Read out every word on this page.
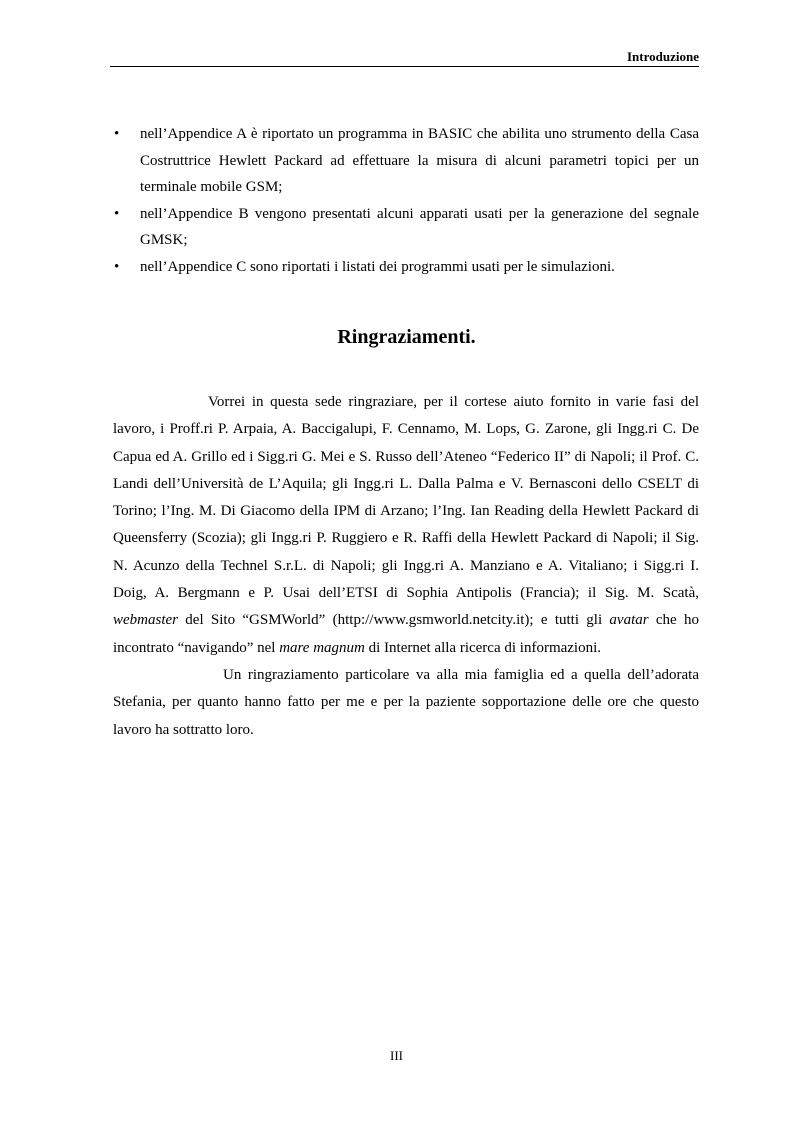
Introduzione
• nell’Appendice A è riportato un programma in BASIC che abilita uno strumento della Casa Costruttrice Hewlett Packard ad effettuare la misura di alcuni parametri topici per un terminale mobile GSM;
• nell’Appendice B vengono presentati alcuni apparati usati per la generazione del segnale GMSK;
• nell’Appendice C sono riportati i listati dei programmi usati per le simulazioni.
Ringraziamenti.

Vorrei in questa sede ringraziare, per il cortese aiuto fornito in varie fasi del lavoro, i Proff.ri P. Arpaia, A. Baccigalupi, F. Cennamo, M. Lops, G. Zarone, gli Ingg.ri C. De Capua ed A. Grillo ed i Sigg.ri G. Mei e S. Russo dell’Ateneo “Federico II” di Napoli; il Prof. C. Landi dell’Università de L’Aquila; gli Ingg.ri L. Dalla Palma e V. Bernasconi dello CSELT di Torino; l’Ing. M. Di Giacomo della IPM di Arzano; l’Ing. Ian Reading della Hewlett Packard di Queensferry (Scozia); gli Ingg.ri P. Ruggiero e R. Raffi della Hewlett Packard di Napoli; il Sig. N. Acunzo della Technel S.r.L. di Napoli; gli Ingg.ri A. Manziano e A. Vitaliano; i Sigg.ri I. Doig, A. Bergmann e P. Usai dell’ETSI di Sophia Antipolis (Francia); il Sig. M. Scatà, webmaster del Sito “GSMWorld” (http://www.gsmworld.netcity.it); e tutti gli avatar che ho incontrato “navigando” nel mare magnum di Internet alla ricerca di informazioni.

Un ringraziamento particolare va alla mia famiglia ed a quella dell’adorata Stefania, per quanto hanno fatto per me e per la paziente sopportazione delle ore che questo lavoro ha sottratto loro.

III
